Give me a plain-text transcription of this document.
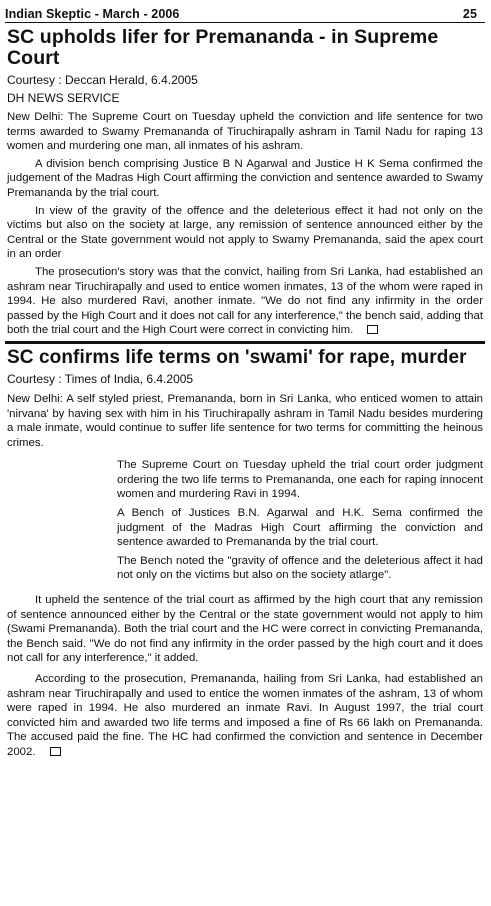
Indian Skeptic - March - 2006	25
SC upholds lifer for Premananda - in Supreme Court
Courtesy : Deccan Herald, 6.4.2005
DH NEWS SERVICE

New Delhi: The Supreme Court on Tuesday upheld the conviction and life sentence for two terms awarded to Swamy Premananda of Tiruchirapally ashram in Tamil Nadu for raping 13 women and murdering one man, all inmates of his ashram.

A division bench comprising Justice B N Agarwal and Justice H K Sema confirmed the judgement of the Madras High Court affirming the conviction and sentence awarded to Swamy Premananda by the trial court.

In view of the gravity of the offence and the deleterious effect it had not only on the victims but also on the society at large, any remission of sentence announced either by the Central or the State government would not apply to Swamy Premananda, said the apex court in an order

The prosecution's story was that the convict, hailing from Sri Lanka, had established an ashram near Tiruchirapally and used to entice women inmates, 13 of the whom were raped in 1994. He also murdered Ravi, another inmate. "We do not find any infirmity in the order passed by the High Court and it does not call for any interference," the bench said, adding that both the trial court and the High Court were correct in convicting him.

SC confirms life terms on 'swami' for rape, murder
Courtesy : Times of India, 6.4.2005

New Delhi: A self styled priest, Premananda, born in Sri Lanka, who enticed women to attain 'nirvana' by having sex with him in his Tiruchirapally ashram in Tamil Nadu besides murdering a male inmate, would continue to suffer life sentence for two terms for committing the heinous crimes.

The Supreme Court on Tuesday upheld the trial court order judgment ordering the two life terms to Premananda, one each for raping innocent women and murdering Ravi in 1994.

A Bench of Justices B.N. Agarwal and H.K. Sema confirmed the judgment of the Madras High Court affirming the conviction and sentence awarded to Premananda by the trial court.

The Bench noted the "gravity of offence and the deleterious affect it had not only on the victims but also on the society atlarge".

It upheld the sentence of the trial court as affirmed by the high court that any remission of sentence announced either by the Central or the state government would not apply to him (Swami Premananda). Both the trial court and the HC were correct in convicting Premananda, the Bench said. "We do not find any infirmity in the order passed by the high court and it does not call for any interference," it added.

According to the prosecution, Premananda, hailing from Sri Lanka, had established an ashram near Tiruchirapally and used to entice the women inmates of the ashram, 13 of whom were raped in 1994. He also murdered an inmate Ravi. In August 1997, the trial court convicted him and awarded two life terms and imposed a fine of Rs 66 lakh on Premananda. The accused paid the fine. The HC had confirmed the conviction and sentence in December 2002.
